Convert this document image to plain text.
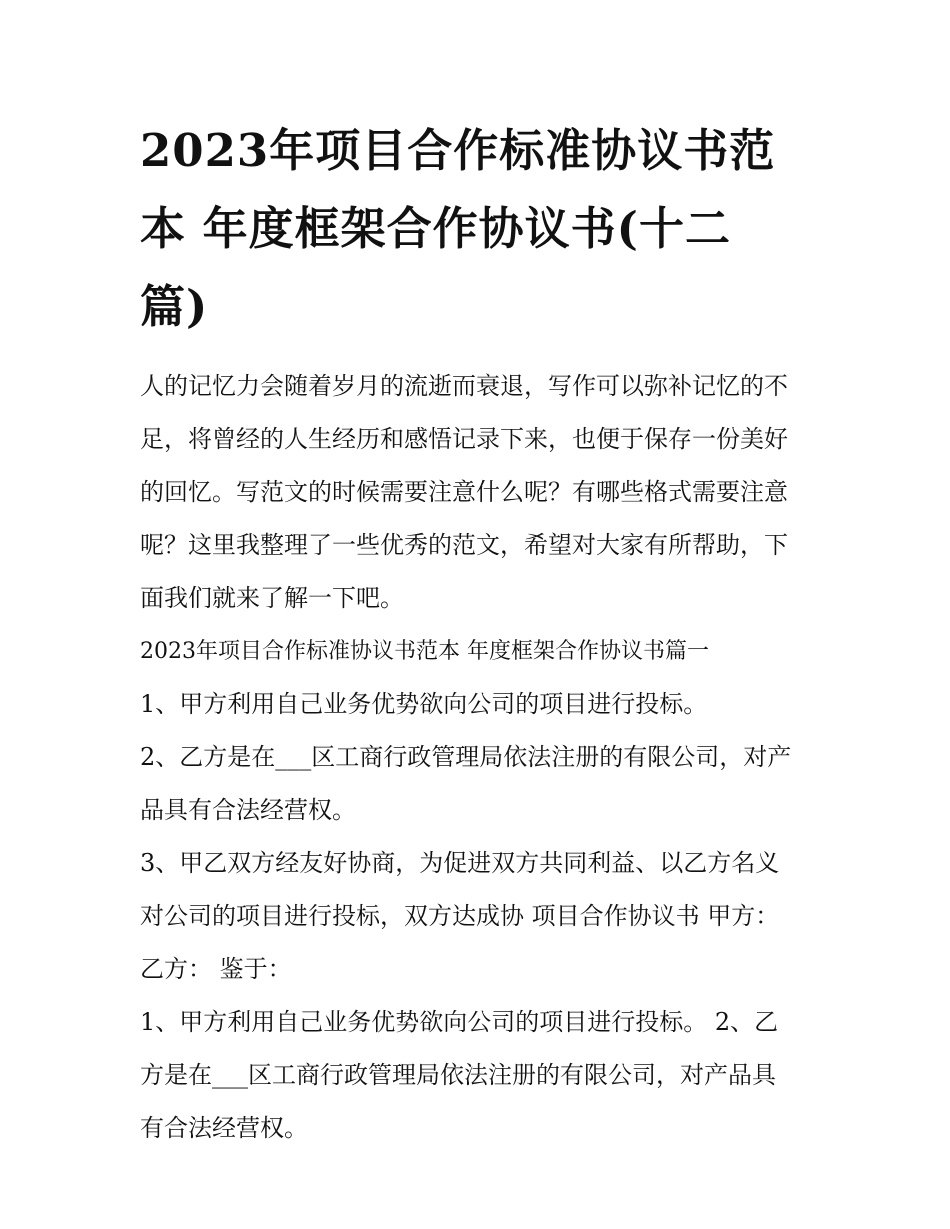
2023年项目合作标准协议书范
本 年度框架合作协议书(十二
篇)
人的记忆力会随着岁月的流逝而衰退，写作可以弥补记忆的不
足，将曾经的人生经历和感悟记录下来，也便于保存一份美好
的回忆。写范文的时候需要注意什么呢？有哪些格式需要注意
呢？这里我整理了一些优秀的范文，希望对大家有所帮助，下
面我们就来了解一下吧。
2023年项目合作标准协议书范本 年度框架合作协议书篇一
1、甲方利用自己业务优势欲向公司的项目进行投标。
2、乙方是在___区工商行政管理局依法注册的有限公司，对产
品具有合法经营权。
3、甲乙双方经友好协商，为促进双方共同利益、以乙方名义
对公司的项目进行投标，双方达成协 项目合作协议书 甲方：
乙方： 鉴于：
1、甲方利用自己业务优势欲向公司的项目进行投标。 2、乙
方是在___区工商行政管理局依法注册的有限公司，对产品具
有合法经营权。
